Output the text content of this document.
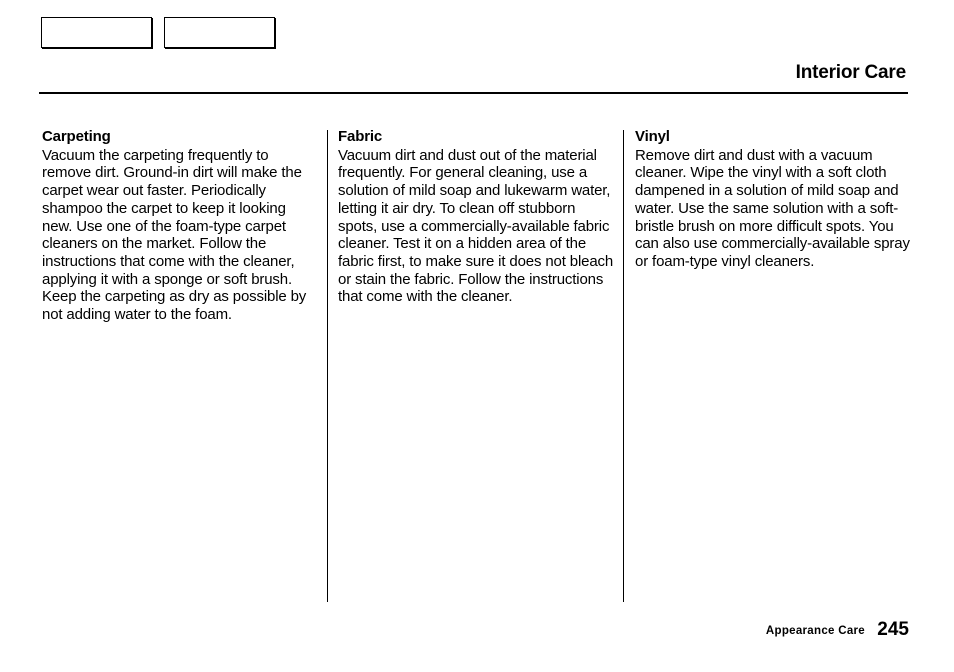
Interior Care
Carpeting

Vacuum the carpeting frequently to remove dirt. Ground-in dirt will make the carpet wear out faster. Periodically shampoo the carpet to keep it looking new. Use one of the foam-type carpet cleaners on the market. Follow the instructions that come with the cleaner, applying it with a sponge or soft brush. Keep the carpeting as dry as possible by not adding water to the foam.

Fabric

Vacuum dirt and dust out of the material frequently. For general cleaning, use a solution of mild soap and lukewarm water, letting it air dry. To clean off stubborn spots, use a commercially-available fabric cleaner. Test it on a hidden area of the fabric first, to make sure it does not bleach or stain the fabric. Follow the instructions that come with the cleaner.

Vinyl

Remove dirt and dust with a vacuum cleaner. Wipe the vinyl with a soft cloth dampened in a solution of mild soap and water. Use the same solution with a soft-bristle brush on more difficult spots. You can also use commercially-available spray or foam-type vinyl cleaners.

Appearance Care 245
